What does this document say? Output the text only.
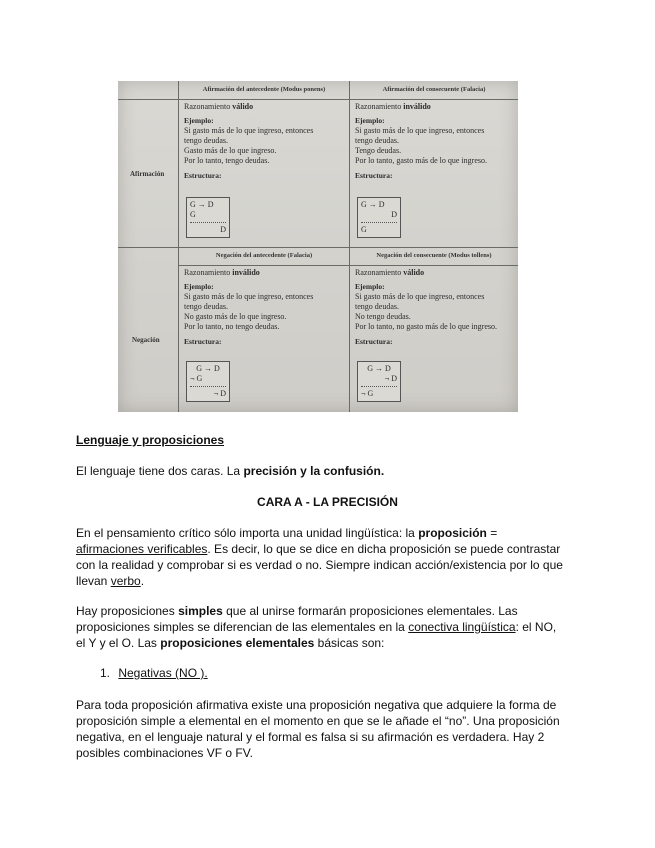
Afirmación del antecedente (Modus ponens)	Afirmación del consecuente (Falacia)
Negación del antecedente (Falacia)	Negación del consecuente (Modus tollens)
Afirmación
Negación
Razonamiento válido
Ejemplo:
Si gasto más de lo que ingreso, entonces
tengo deudas.
Gasto más de lo que ingreso.
Por lo tanto, tengo deudas.
Estructura:
G → D
G
D
Razonamiento inválido
Ejemplo:
Si gasto más de lo que ingreso, entonces
tengo deudas.
Tengo deudas.
Por lo tanto, gasto más de lo que ingreso.
Estructura:
G → D
D
G
Razonamiento inválido
Ejemplo:
Si gasto más de lo que ingreso, entonces
tengo deudas.
No gasto más de lo que ingreso.
Por lo tanto, no tengo deudas.
Estructura:
G → D
¬ G
¬ D
Razonamiento válido
Ejemplo:
Si gasto más de lo que ingreso, entonces
tengo deudas.
No tengo deudas.
Por lo tanto, no gasto más de lo que ingreso.
Estructura:
G → D
¬ D
¬ G
Lenguaje y proposiciones
El lenguaje tiene dos caras. La precisión y la confusión.
CARA A - LA PRECISIÓN
En el pensamiento crítico sólo importa una unidad lingüística: la proposición =
afirmaciones verificables. Es decir, lo que se dice en dicha proposición se puede contrastar
con la realidad y comprobar si es verdad o no. Siempre indican acción/existencia por lo que
llevan verbo.
Hay proposiciones simples que al unirse formarán proposiciones elementales. Las
proposiciones simples se diferencian de las elementales en la conectiva lingüística: el NO,
el Y y el O. Las proposiciones elementales básicas son:
1. Negativas (NO ).
Para toda proposición afirmativa existe una proposición negativa que adquiere la forma de
proposición simple a elemental en el momento en que se le añade el “no”. Una proposición
negativa, en el lenguaje natural y el formal es falsa si su afirmación es verdadera. Hay 2
posibles combinaciones VF o FV.
